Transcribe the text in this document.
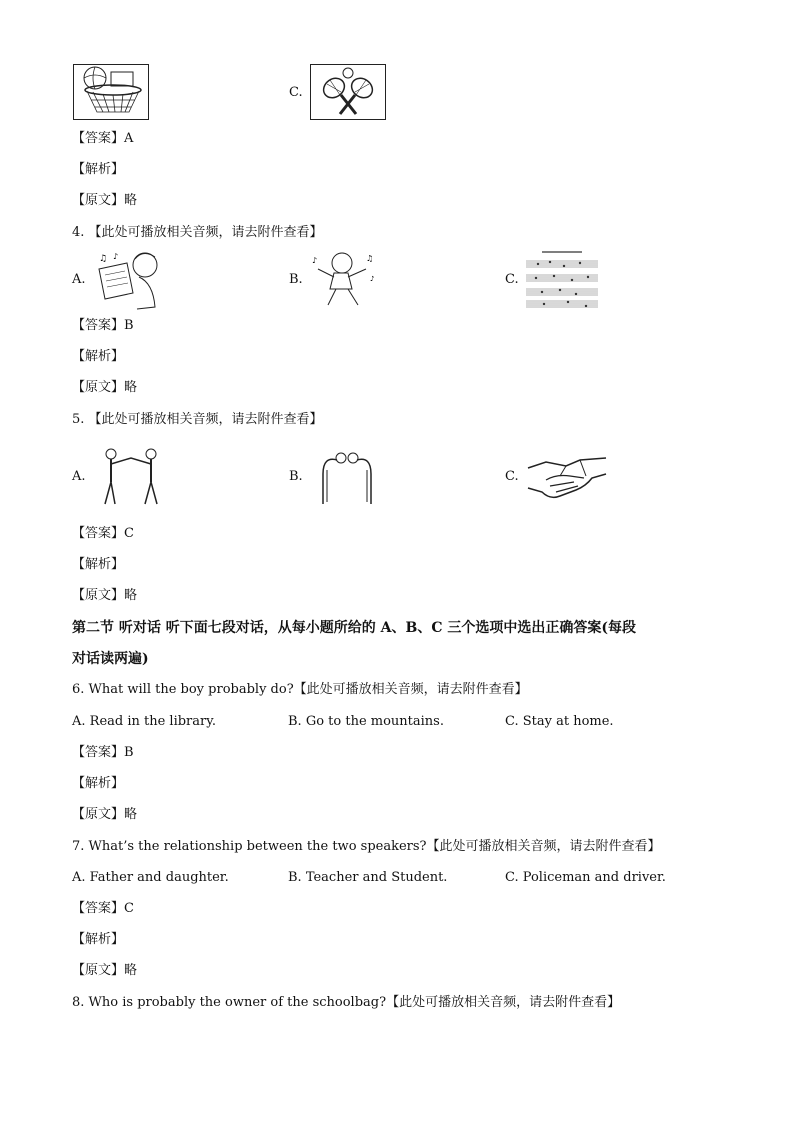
C.
【答案】A
【解析】
【原文】略
4. 【此处可播放相关音频，请去附件查看】
A.
♫ ♪
B.
♪	♫
♪	C.
【答案】B
【解析】
【原文】略
5. 【此处可播放相关音频，请去附件查看】
A.	B.	C.
【答案】C
【解析】
【原文】略
第二节 听对话 听下面七段对话，从每小题所给的 A、B、C 三个选项中选出正确答案(每段
对话读两遍)
6. What will the boy probably do?【此处可播放相关音频，请去附件查看】
A. Read in the library.	B. Go to the mountains.	C. Stay at home.
【答案】B
【解析】
【原文】略
7. What’s the relationship between the two speakers?【此处可播放相关音频，请去附件查看】
A. Father and daughter.	B. Teacher and Student.	C. Policeman and driver.
【答案】C
【解析】
【原文】略
8. Who is probably the owner of the schoolbag?【此处可播放相关音频，请去附件查看】
